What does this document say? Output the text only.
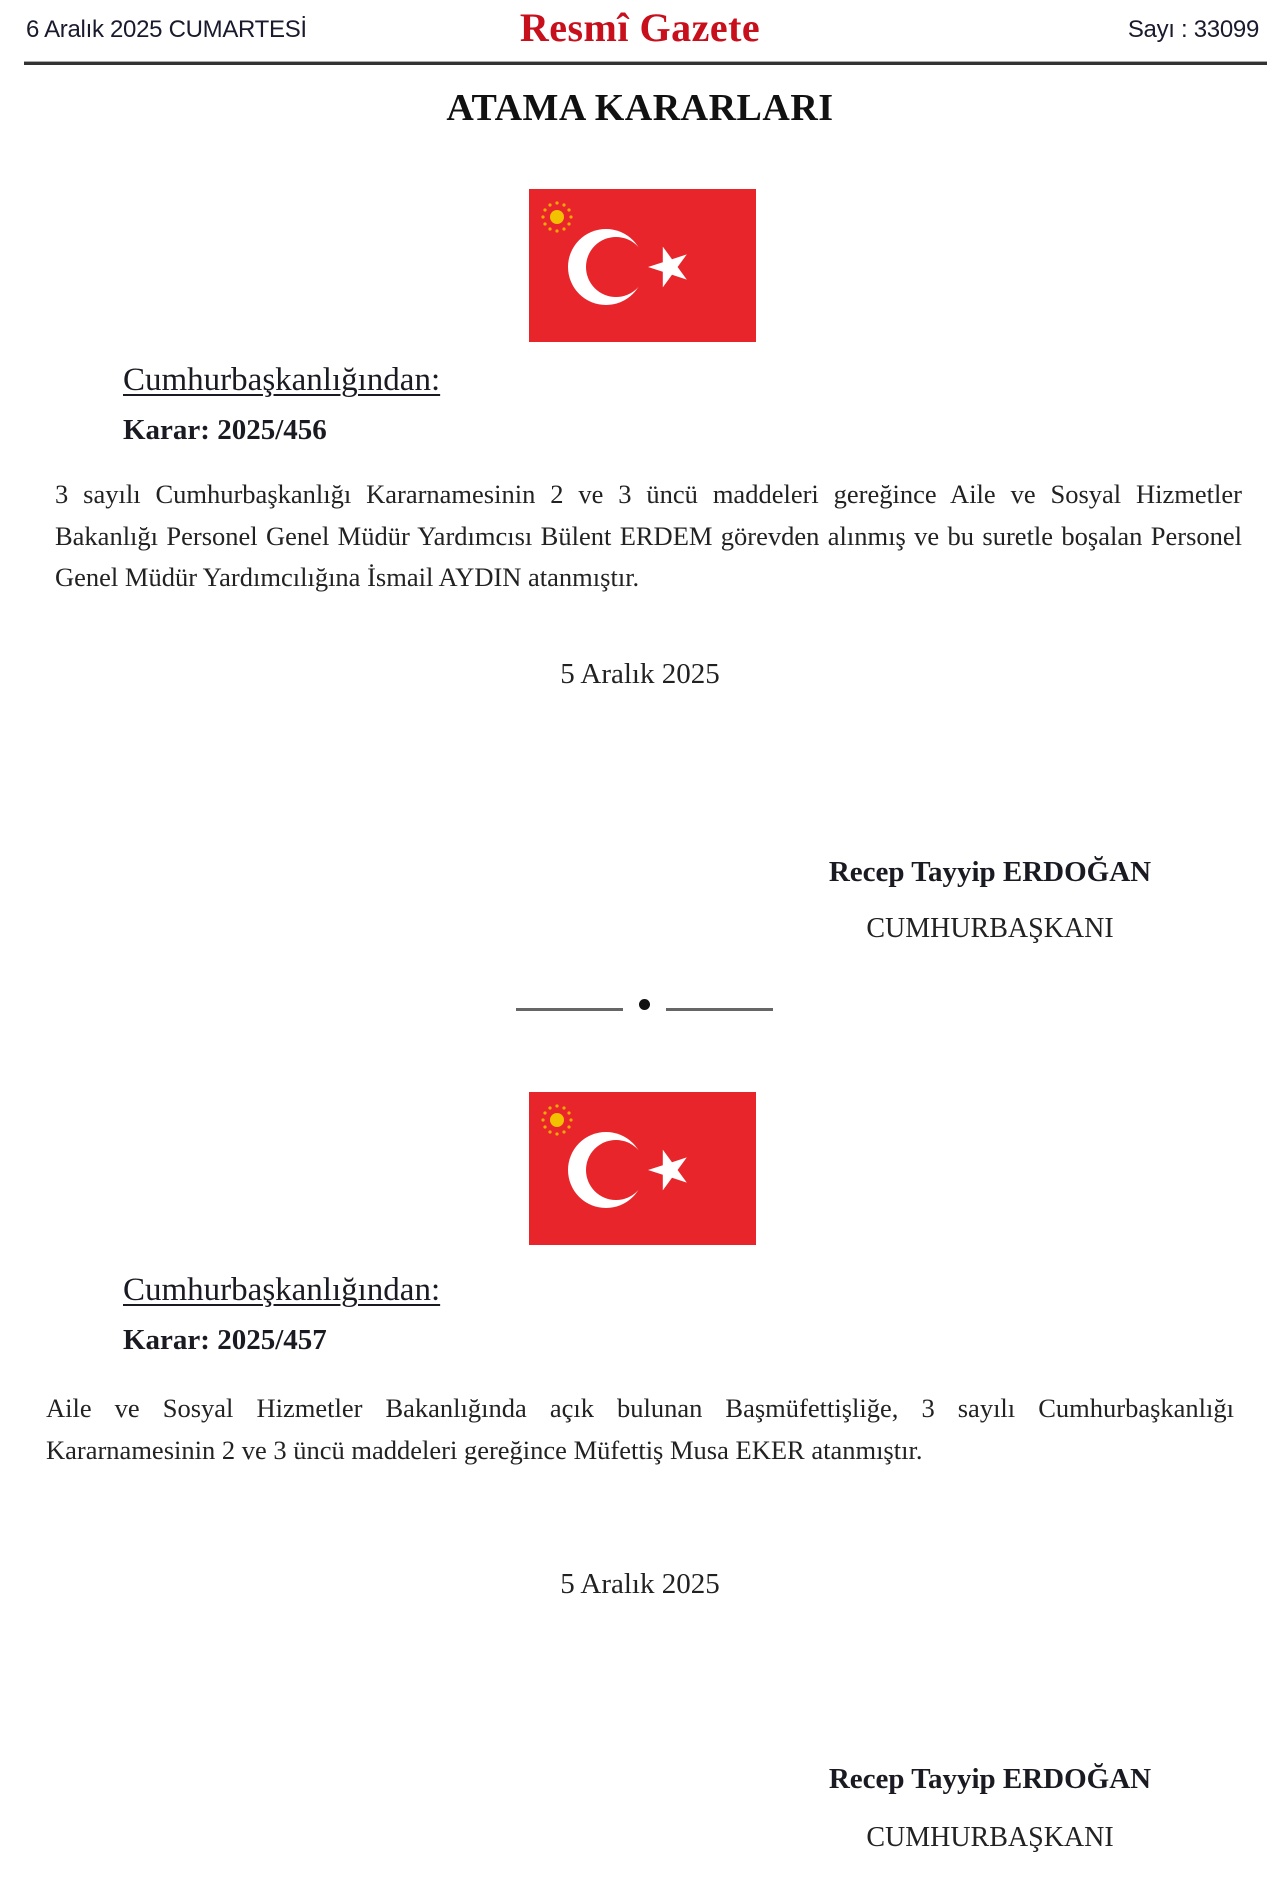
6 Aralık 2025 CUMARTESİ	Resmî Gazete	Sayı : 33099
ATAMA KARARLARI
Cumhurbaşkanlığından:
Karar: 2025/456
3 sayılı Cumhurbaşkanlığı Kararnamesinin 2 ve 3 üncü maddeleri gereğince Aile ve Sosyal Hizmetler Bakanlığı Personel Genel Müdür Yardımcısı Bülent ERDEM görevden alınmış ve bu suretle boşalan Personel Genel Müdür Yardımcılığına İsmail AYDIN atanmıştır.
5 Aralık 2025
Recep Tayyip ERDOĞAN
CUMHURBAŞKANI
Cumhurbaşkanlığından:
Karar: 2025/457
Aile ve Sosyal Hizmetler Bakanlığında açık bulunan Başmüfettişliğe, 3 sayılı Cumhurbaşkanlığı Kararnamesinin 2 ve 3 üncü maddeleri gereğince Müfettiş Musa EKER atanmıştır.
5 Aralık 2025
Recep Tayyip ERDOĞAN
CUMHURBAŞKANI
